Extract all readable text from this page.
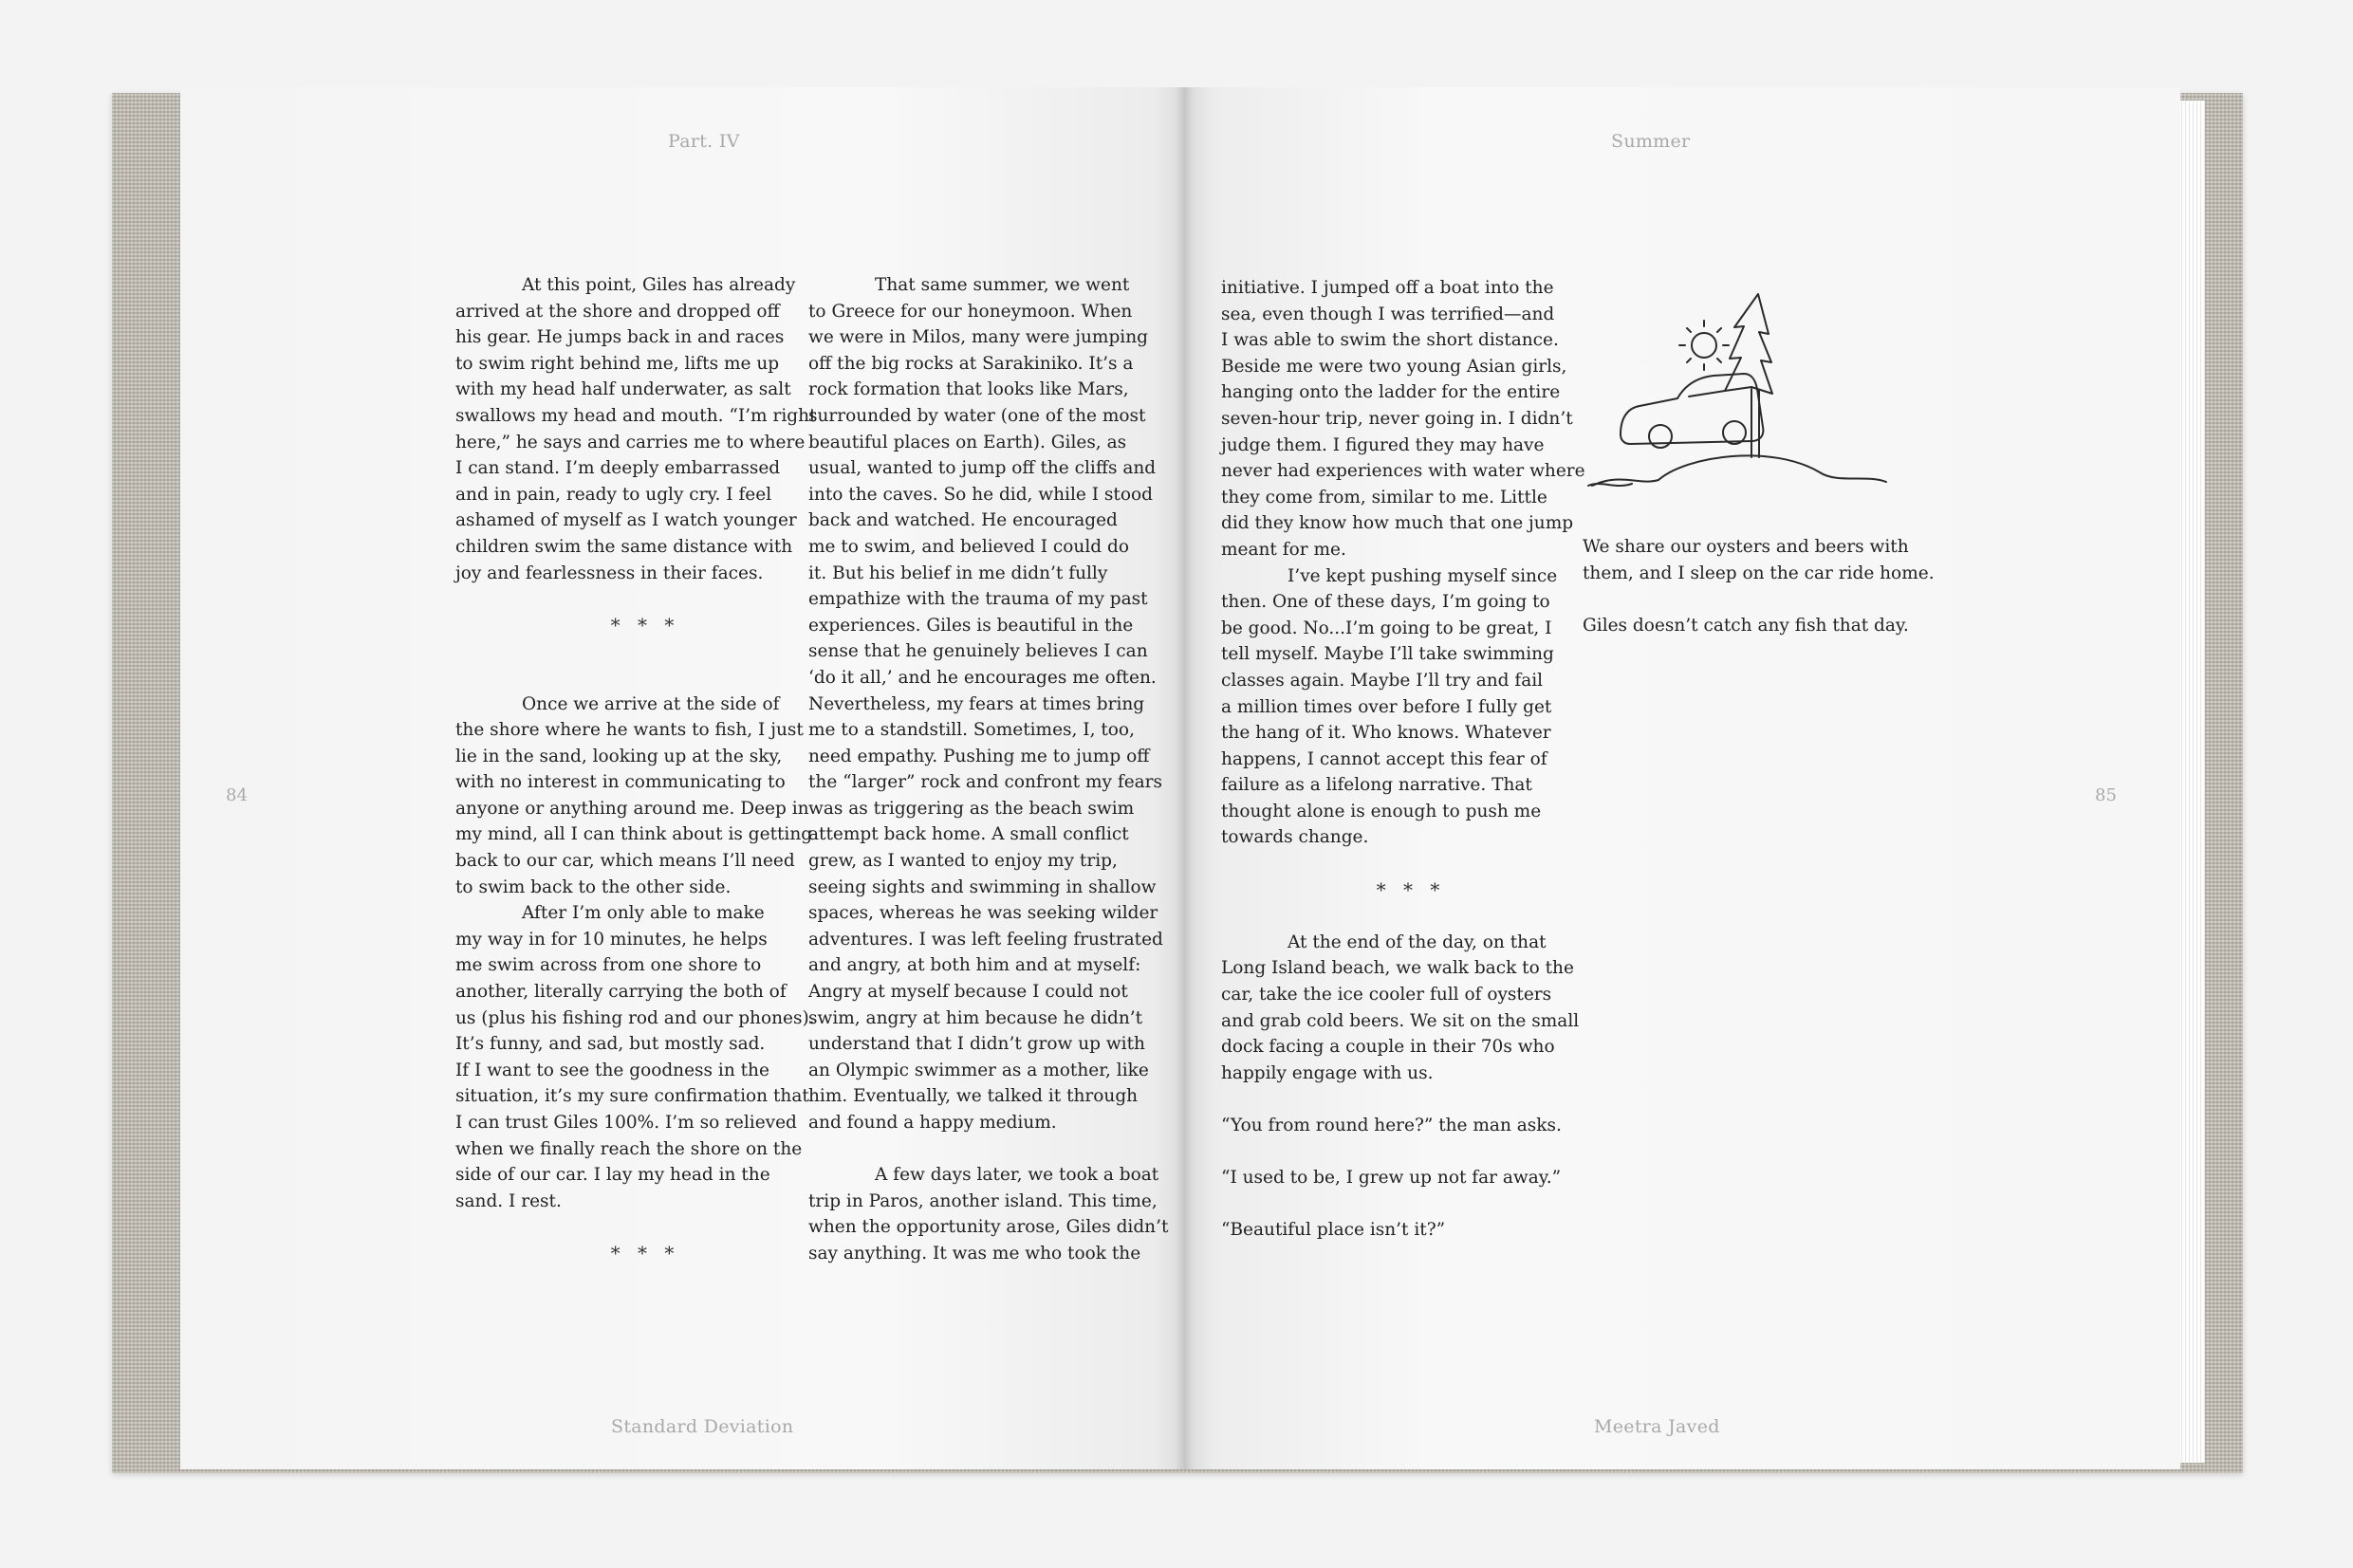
Part. IV
84
Standard Deviation
Summer
85
Meetra Javed

At this point, Giles has already

arrived at the shore and dropped off

his gear. He jumps back in and races

to swim right behind me, lifts me up

with my head half underwater, as salt

swallows my head and mouth. “I’m right

here,” he says and carries me to where

I can stand. I’m deeply embarrassed

and in pain, ready to ugly cry. I feel

ashamed of myself as I watch younger

children swim the same distance with

joy and fearlessness in their faces.

* * *

Once we arrive at the side of

the shore where he wants to fish, I just

lie in the sand, looking up at the sky,

with no interest in communicating to

anyone or anything around me. Deep in

my mind, all I can think about is getting

back to our car, which means I’ll need

to swim back to the other side.

After I’m only able to make

my way in for 10 minutes, he helps

me swim across from one shore to

another, literally carrying the both of

us (plus his fishing rod and our phones).

It’s funny, and sad, but mostly sad.

If I want to see the goodness in the

situation, it’s my sure confirmation that

I can trust Giles 100%. I’m so relieved

when we finally reach the shore on the

side of our car. I lay my head in the

sand. I rest.

* * *

That same summer, we went

to Greece for our honeymoon. When

we were in Milos, many were jumping

off the big rocks at Sarakiniko. It’s a

rock formation that looks like Mars,

surrounded by water (one of the most

beautiful places on Earth). Giles, as

usual, wanted to jump off the cliffs and

into the caves. So he did, while I stood

back and watched. He encouraged

me to swim, and believed I could do

it. But his belief in me didn’t fully

empathize with the trauma of my past

experiences. Giles is beautiful in the

sense that he genuinely believes I can

‘do it all,’ and he encourages me often.

Nevertheless, my fears at times bring

me to a standstill. Sometimes, I, too,

need empathy. Pushing me to jump off

the “larger” rock and confront my fears

was as triggering as the beach swim

attempt back home. A small conflict

grew, as I wanted to enjoy my trip,

seeing sights and swimming in shallow

spaces, whereas he was seeking wilder

adventures. I was left feeling frustrated

and angry, at both him and at myself:

Angry at myself because I could not

swim, angry at him because he didn’t

understand that I didn’t grow up with

an Olympic swimmer as a mother, like

him. Eventually, we talked it through

and found a happy medium.

A few days later, we took a boat

trip in Paros, another island. This time,

when the opportunity arose, Giles didn’t

say anything. It was me who took the

initiative. I jumped off a boat into the

sea, even though I was terrified—and

I was able to swim the short distance.

Beside me were two young Asian girls,

hanging onto the ladder for the entire

seven-hour trip, never going in. I didn’t

judge them. I figured they may have

never had experiences with water where

they come from, similar to me. Little

did they know how much that one jump

meant for me.

I’ve kept pushing myself since

then. One of these days, I’m going to

be good. No...I’m going to be great, I

tell myself. Maybe I’ll take swimming

classes again. Maybe I’ll try and fail

a million times over before I fully get

the hang of it. Who knows. Whatever

happens, I cannot accept this fear of

failure as a lifelong narrative. That

thought alone is enough to push me

towards change.

* * *

At the end of the day, on that

Long Island beach, we walk back to the

car, take the ice cooler full of oysters

and grab cold beers. We sit on the small

dock facing a couple in their 70s who

happily engage with us.

“You from round here?” the man asks.

“I used to be, I grew up not far away.”

“Beautiful place isn’t it?”

We share our oysters and beers with

them, and I sleep on the car ride home.

Giles doesn’t catch any fish that day.
